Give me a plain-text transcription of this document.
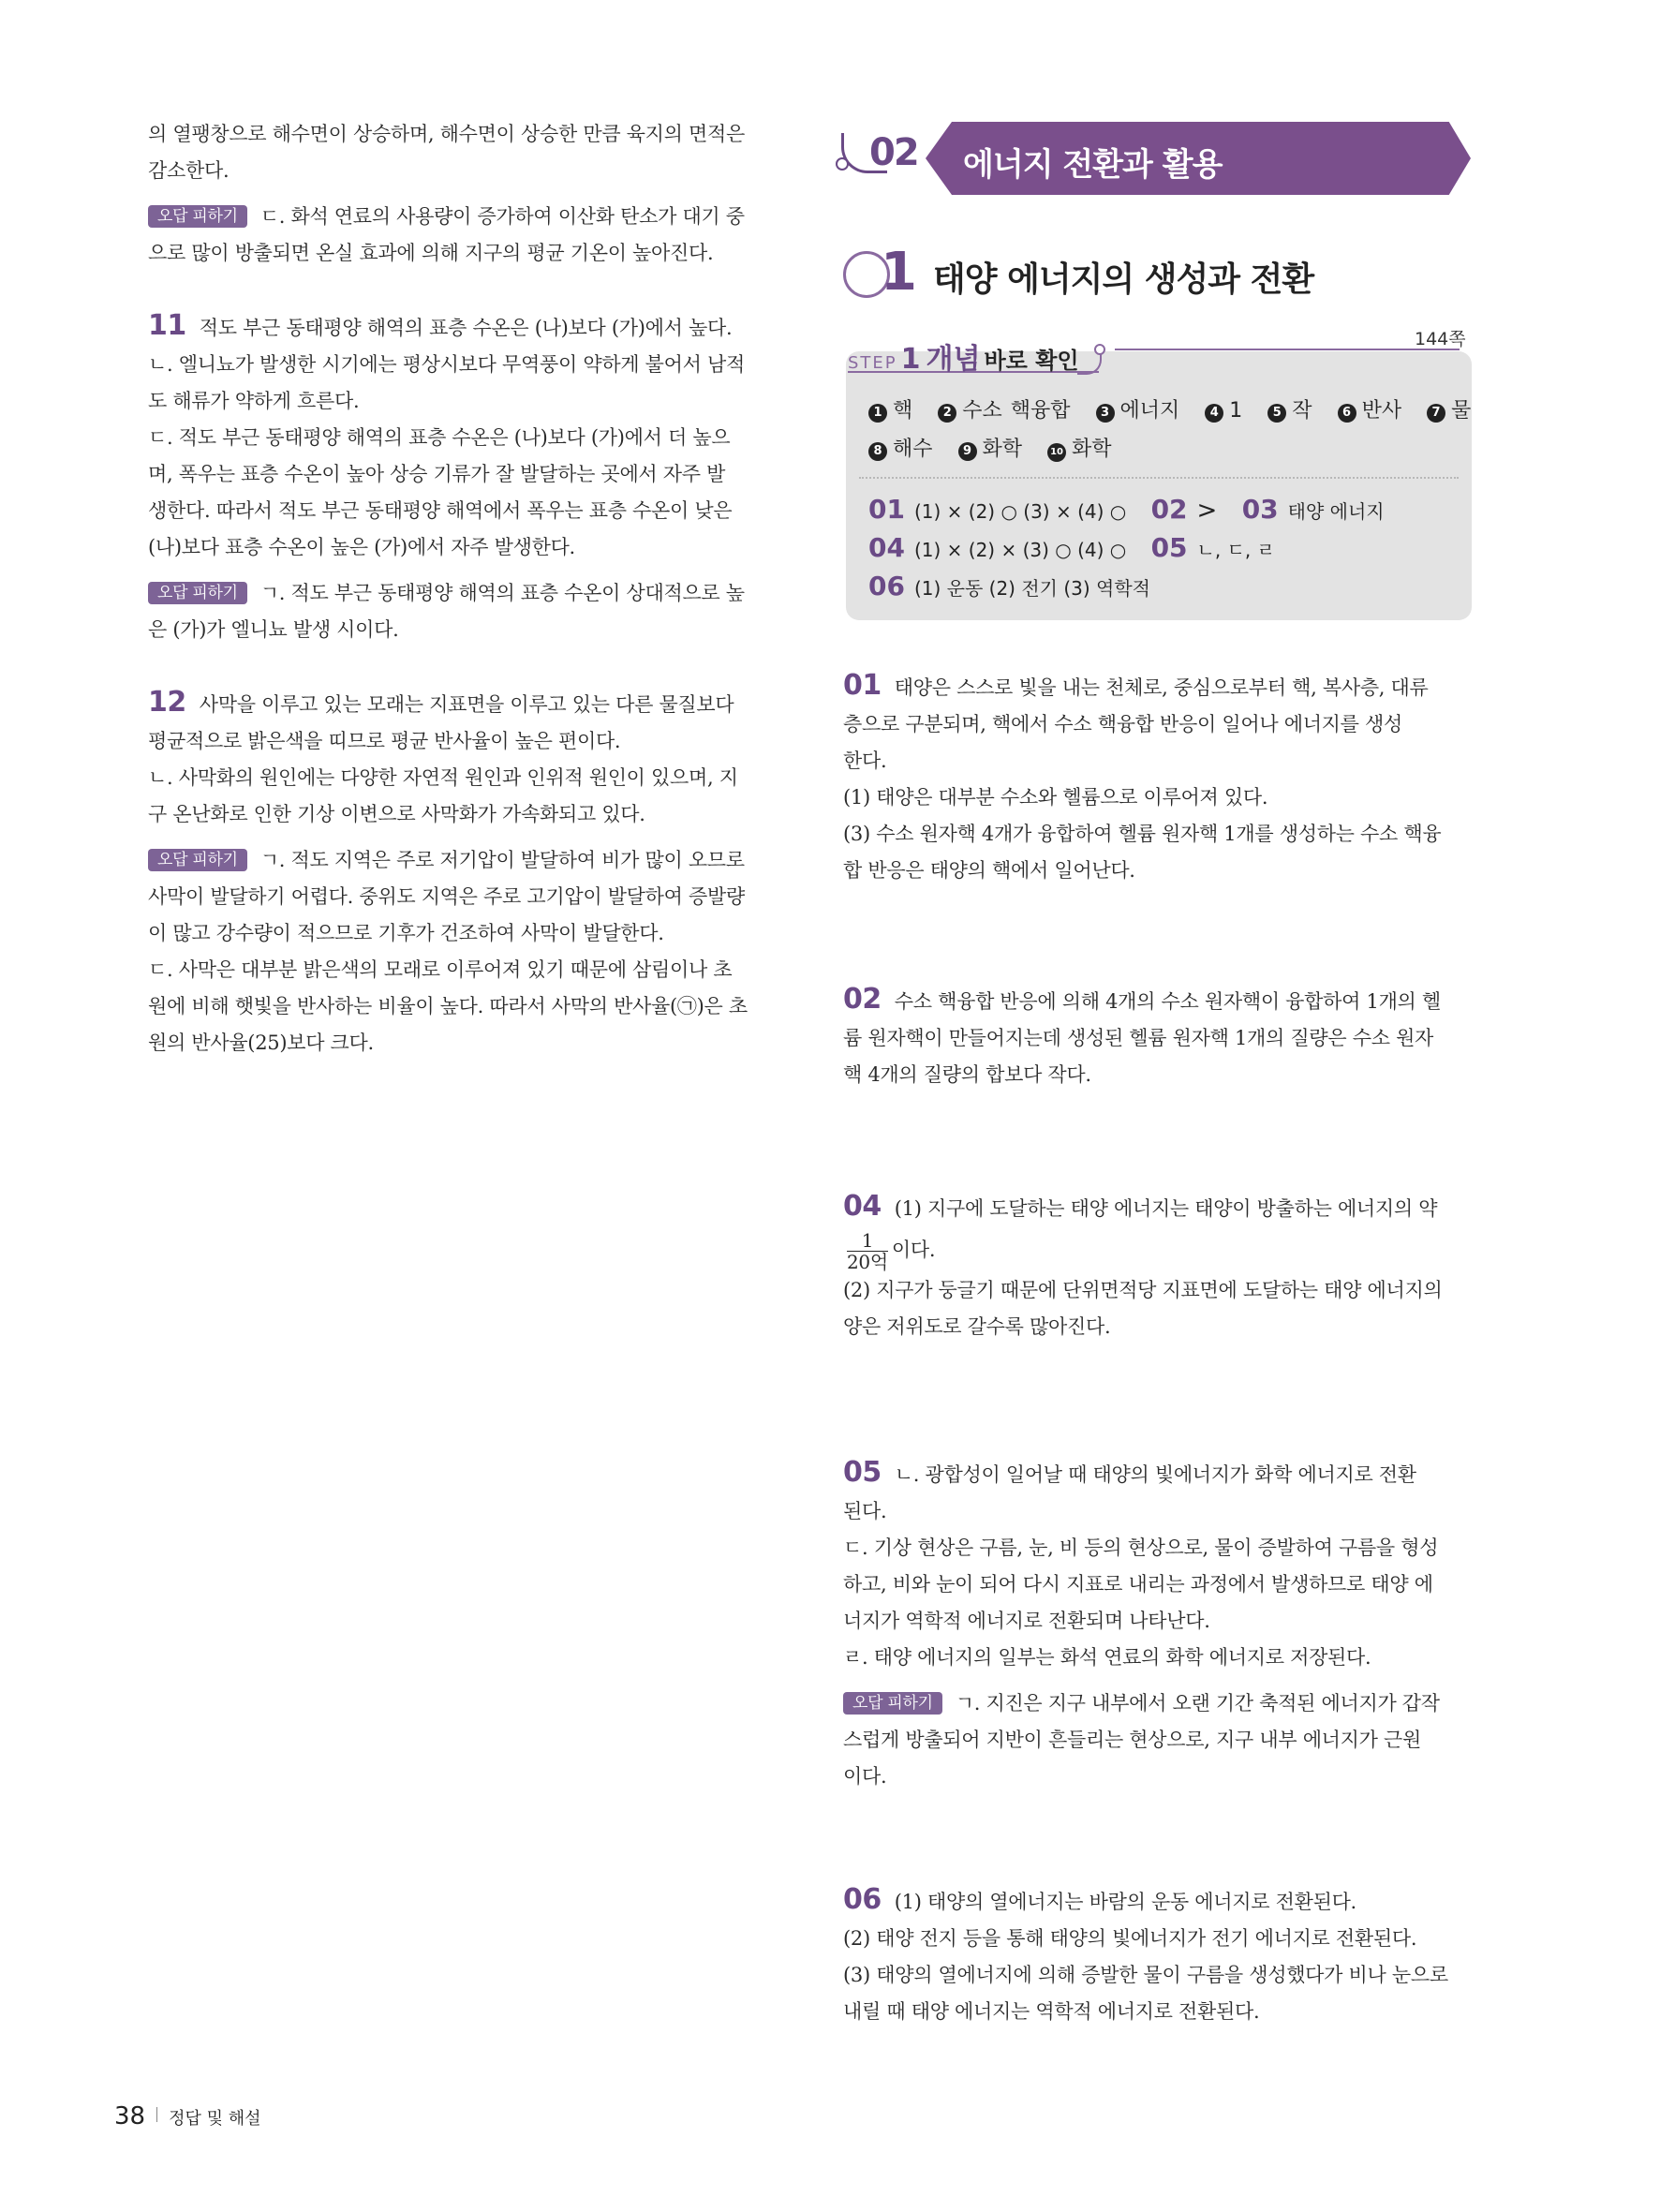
의 열팽창으로 해수면이 상승하며, 해수면이 상승한 만큼 육지의 면적은

감소한다.

오답 피하기 ㄷ. 화석 연료의 사용량이 증가하여 이산화 탄소가 대기 중

으로 많이 방출되면 온실 효과에 의해 지구의 평균 기온이 높아진다.

11 적도 부근 동태평양 해역의 표층 수온은 (나)보다 (가)에서 높다.

ㄴ. 엘니뇨가 발생한 시기에는 평상시보다 무역풍이 약하게 불어서 남적

도 해류가 약하게 흐른다.

ㄷ. 적도 부근 동태평양 해역의 표층 수온은 (나)보다 (가)에서 더 높으

며, 폭우는 표층 수온이 높아 상승 기류가 잘 발달하는 곳에서 자주 발

생한다. 따라서 적도 부근 동태평양 해역에서 폭우는 표층 수온이 낮은

(나)보다 표층 수온이 높은 (가)에서 자주 발생한다.

오답 피하기 ㄱ. 적도 부근 동태평양 해역의 표층 수온이 상대적으로 높

은 (가)가 엘니뇨 발생 시이다.

12 사막을 이루고 있는 모래는 지표면을 이루고 있는 다른 물질보다

평균적으로 밝은색을 띠므로 평균 반사율이 높은 편이다.

ㄴ. 사막화의 원인에는 다양한 자연적 원인과 인위적 원인이 있으며, 지

구 온난화로 인한 기상 이변으로 사막화가 가속화되고 있다.

오답 피하기 ㄱ. 적도 지역은 주로 저기압이 발달하여 비가 많이 오므로

사막이 발달하기 어렵다. 중위도 지역은 주로 고기압이 발달하여 증발량

이 많고 강수량이 적으므로 기후가 건조하여 사막이 발달한다.

ㄷ. 사막은 대부분 밝은색의 모래로 이루어져 있기 때문에 삼림이나 초

원에 비해 햇빛을 반사하는 비율이 높다. 따라서 사막의 반사율(㉠)은 초

원의 반사율(25)보다 크다.

02 에너지 전환과 활용
1 태양 에너지의 생성과 전환
1 핵 2 수소 핵융합 3 에너지 4 1 5 작 6 반사 7 물
8 해수 9 화학	10 화학
01 (1) × (2) ○ (3) × (4) ○ 02 > 03 태양 에너지
04 (1) × (2) × (3) ○ (4) ○ 05 ㄴ, ㄷ, ㄹ
06 (1) 운동 (2) 전기 (3) 역학적
STEP 1 개념 바로 확인
144쪽

01 태양은 스스로 빛을 내는 천체로, 중심으로부터 핵, 복사층, 대류

층으로 구분되며, 핵에서 수소 핵융합 반응이 일어나 에너지를 생성

한다.

(1) 태양은 대부분 수소와 헬륨으로 이루어져 있다.

(3) 수소 원자핵 4개가 융합하여 헬륨 원자핵 1개를 생성하는 수소 핵융

합 반응은 태양의 핵에서 일어난다.

02 수소 핵융합 반응에 의해 4개의 수소 원자핵이 융합하여 1개의 헬

륨 원자핵이 만들어지는데 생성된 헬륨 원자핵 1개의 질량은 수소 원자

핵 4개의 질량의 합보다 작다.

04 (1) 지구에 도달하는 태양 에너지는 태양이 방출하는 에너지의 약

$\frac{1}{\text{20억}}$ 이다.

(2) 지구가 둥글기 때문에 단위면적당 지표면에 도달하는 태양 에너지의

양은 저위도로 갈수록 많아진다.

05 ㄴ. 광합성이 일어날 때 태양의 빛에너지가 화학 에너지로 전환

된다.

ㄷ. 기상 현상은 구름, 눈, 비 등의 현상으로, 물이 증발하여 구름을 형성

하고, 비와 눈이 되어 다시 지표로 내리는 과정에서 발생하므로 태양 에

너지가 역학적 에너지로 전환되며 나타난다.

ㄹ. 태양 에너지의 일부는 화석 연료의 화학 에너지로 저장된다.

오답 피하기 ㄱ. 지진은 지구 내부에서 오랜 기간 축적된 에너지가 갑작

스럽게 방출되어 지반이 흔들리는 현상으로, 지구 내부 에너지가 근원

이다.

06 (1) 태양의 열에너지는 바람의 운동 에너지로 전환된다.

(2) 태양 전지 등을 통해 태양의 빛에너지가 전기 에너지로 전환된다.

(3) 태양의 열에너지에 의해 증발한 물이 구름을 생성했다가 비나 눈으로

내릴 때 태양 에너지는 역학적 에너지로 전환된다.

38 정답 및 해설
